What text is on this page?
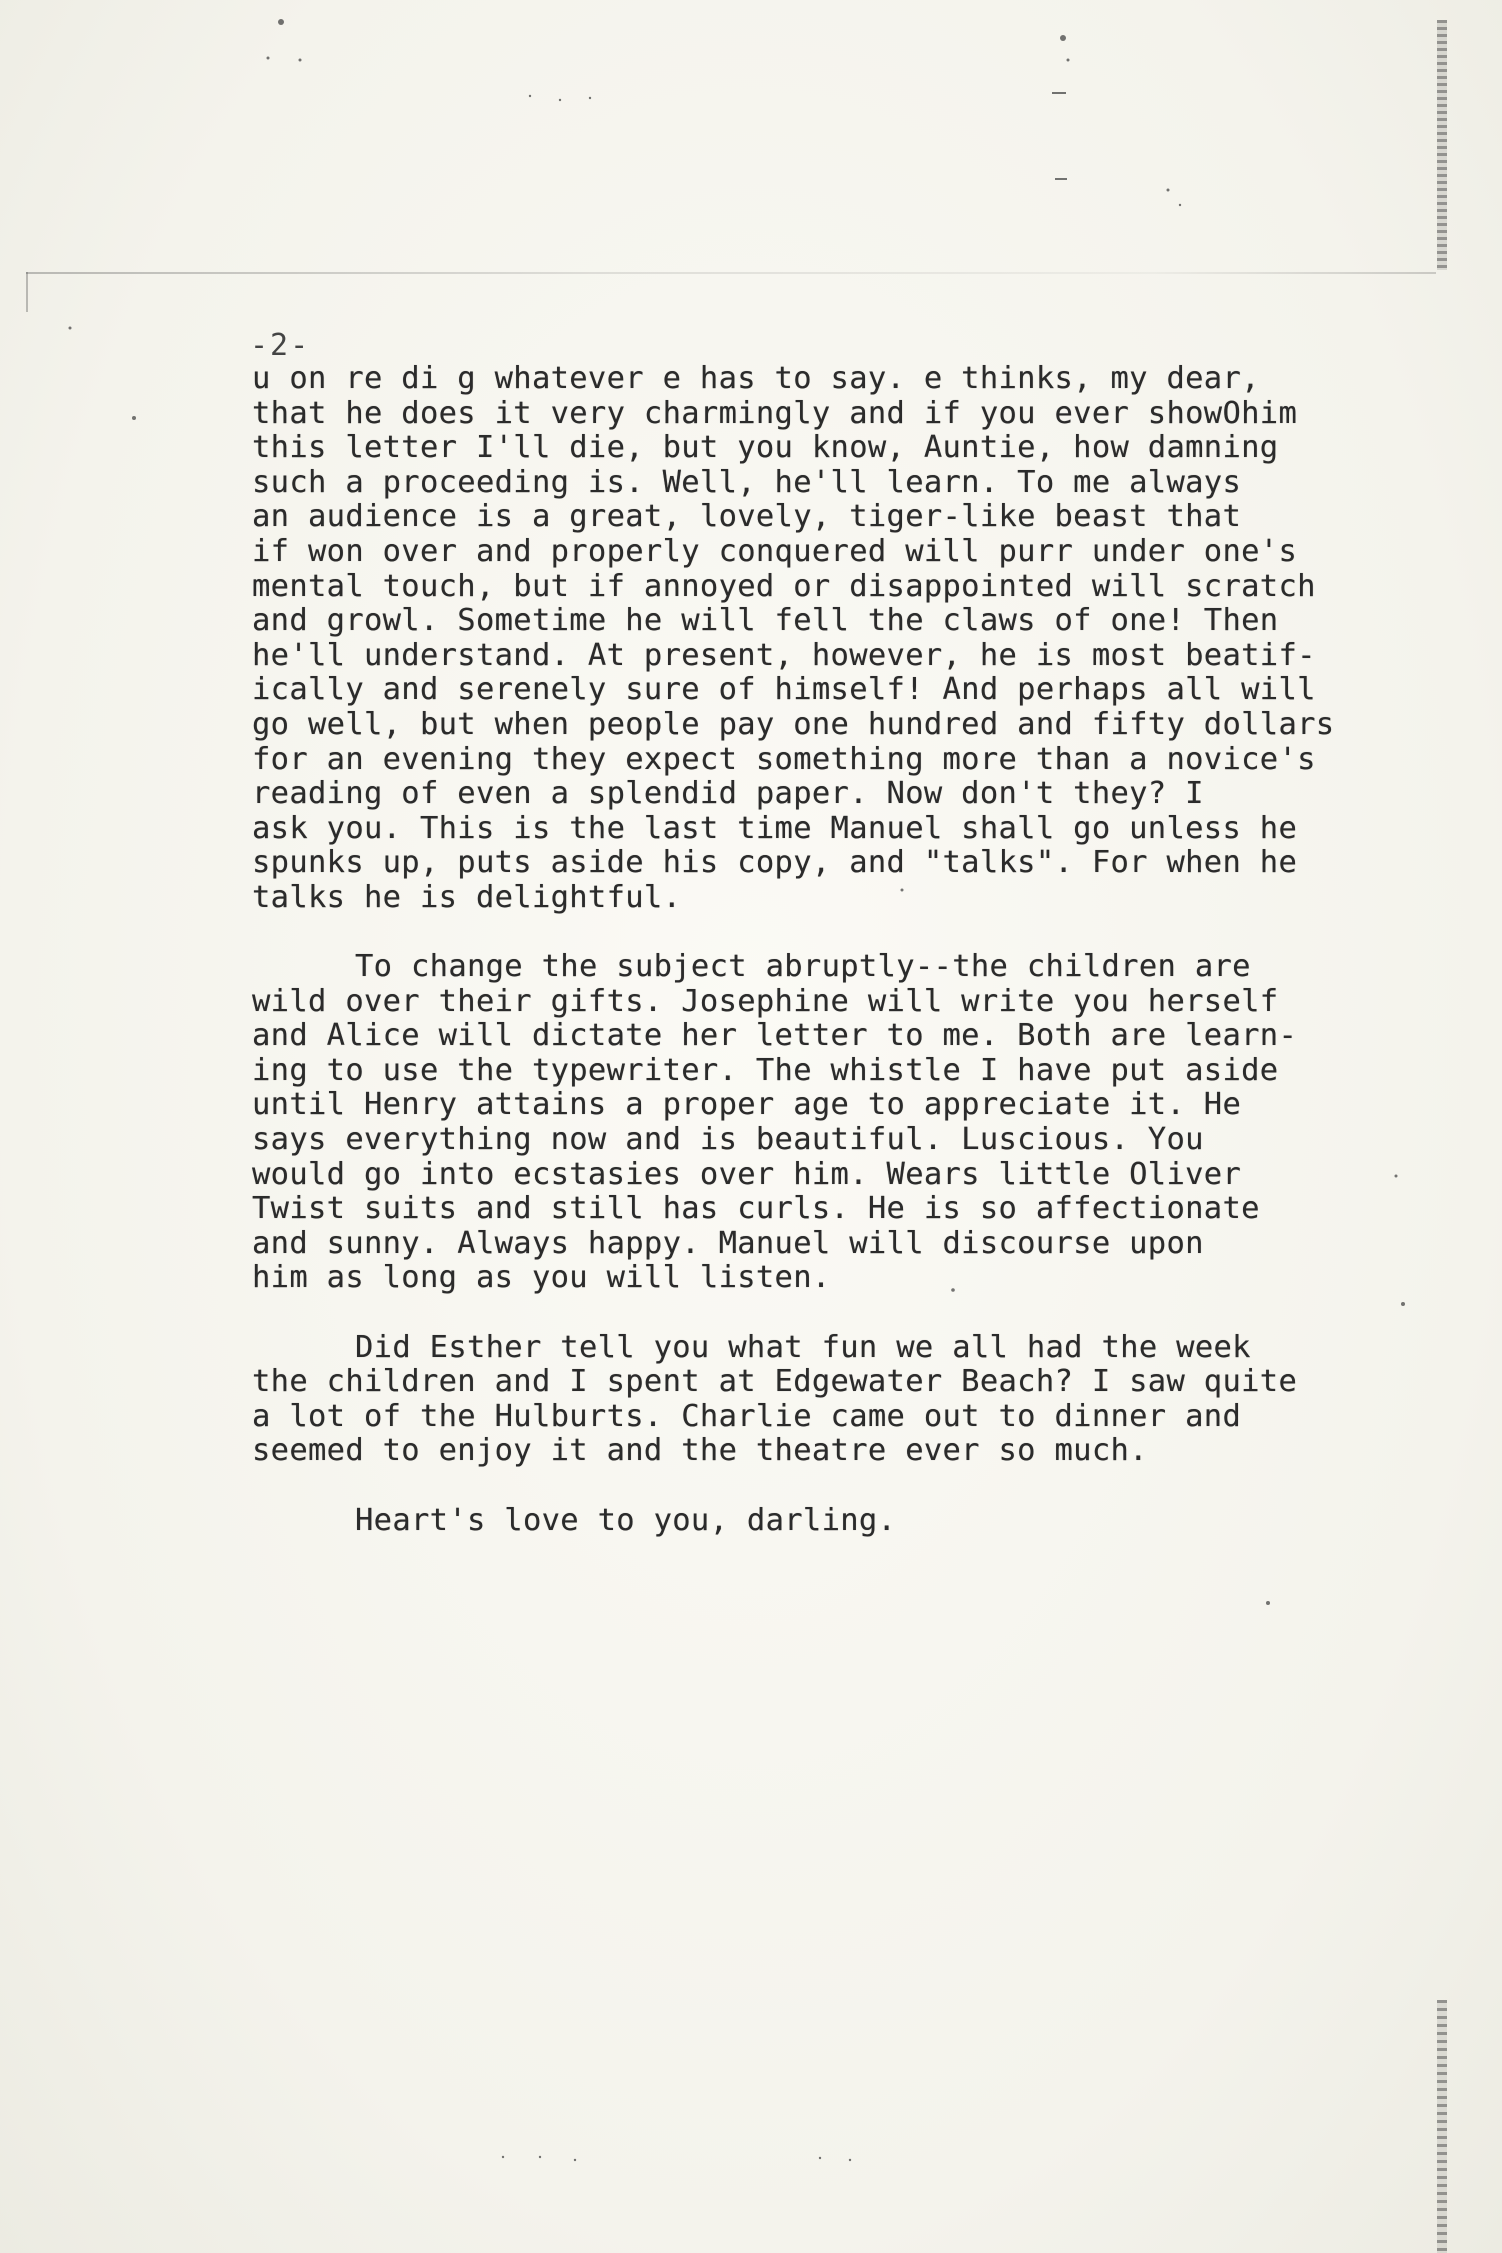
-2-
u on re di g whatever e has to say. e thinks, my dear,
that he does it very charmingly and if you ever showOhim
this letter I'll die, but you know, Auntie, how damning
such a proceeding is. Well, he'll learn. To me always
an audience is a great, lovely, tiger-like beast that
if won over and properly conquered will purr under one's
mental touch, but if annoyed or disappointed will scratch
and growl. Sometime he will fell the claws of one! Then
he'll understand. At present, however, he is most beatif-
ically and serenely sure of himself! And perhaps all will
go well, but when people pay one hundred and fifty dollars
for an evening they expect something more than a novice's
reading of even a splendid paper. Now don't they? I
ask you. This is the last time Manuel shall go unless he
spunks up, puts aside his copy, and "talks". For when he
talks he is delightful.
To change the subject abruptly--the children are
wild over their gifts. Josephine will write you herself
and Alice will dictate her letter to me. Both are learn-
ing to use the typewriter. The whistle I have put aside
until Henry attains a proper age to appreciate it. He
says everything now and is beautiful. Luscious. You
would go into ecstasies over him. Wears little Oliver
Twist suits and still has curls. He is so affectionate
and sunny. Always happy. Manuel will discourse upon
him as long as you will listen.
Did Esther tell you what fun we all had the week
the children and I spent at Edgewater Beach? I saw quite
a lot of the Hulburts. Charlie came out to dinner and
seemed to enjoy it and the theatre ever so much.
Heart's love to you, darling.
